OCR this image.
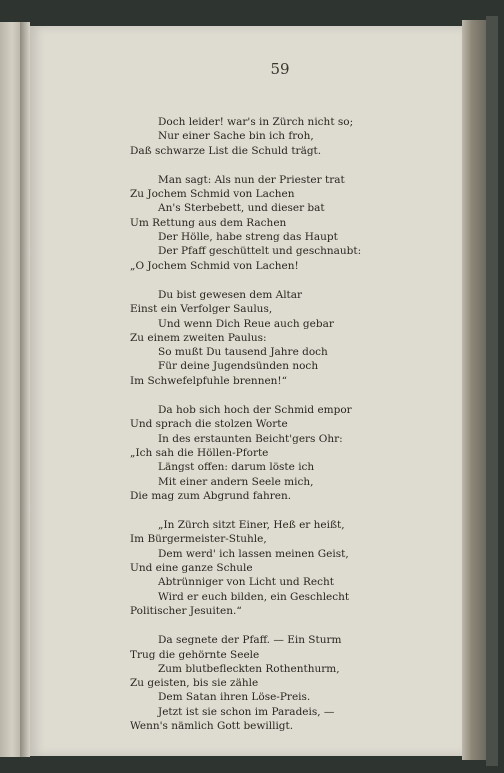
59
Doch leider! war's in Zürch nicht so;
Nur einer Sache bin ich froh,
Daß schwarze List die Schuld trägt.
Man sagt: Als nun der Priester trat
Zu Jochem Schmid von Lachen
An's Sterbebett, und dieser bat
Um Rettung aus dem Rachen
Der Hölle, habe streng das Haupt
Der Pfaff geschüttelt und geschnaubt:
„O Jochem Schmid von Lachen!
Du bist gewesen dem Altar
Einst ein Verfolger Saulus,
Und wenn Dich Reue auch gebar
Zu einem zweiten Paulus:
So mußt Du tausend Jahre doch
Für deine Jugendsünden noch
Im Schwefelpfuhle brennen!“
Da hob sich hoch der Schmid empor
Und sprach die stolzen Worte
In des erstaunten Beicht'gers Ohr:
„Ich sah die Höllen-Pforte
Längst offen: darum löste ich
Mit einer andern Seele mich,
Die mag zum Abgrund fahren.
„In Zürch sitzt Einer, Heß er heißt,
Im Bürgermeister-Stuhle,
Dem werd' ich lassen meinen Geist,
Und eine ganze Schule
Abtrünniger von Licht und Recht
Wird er euch bilden, ein Geschlecht
Politischer Jesuiten.“
Da segnete der Pfaff. — Ein Sturm
Trug die gehörnte Seele
Zum blutbefleckten Rothenthurm,
Zu geisten, bis sie zähle
Dem Satan ihren Löse-Preis.
Jetzt ist sie schon im Paradeis, —
Wenn's nämlich Gott bewilligt.
